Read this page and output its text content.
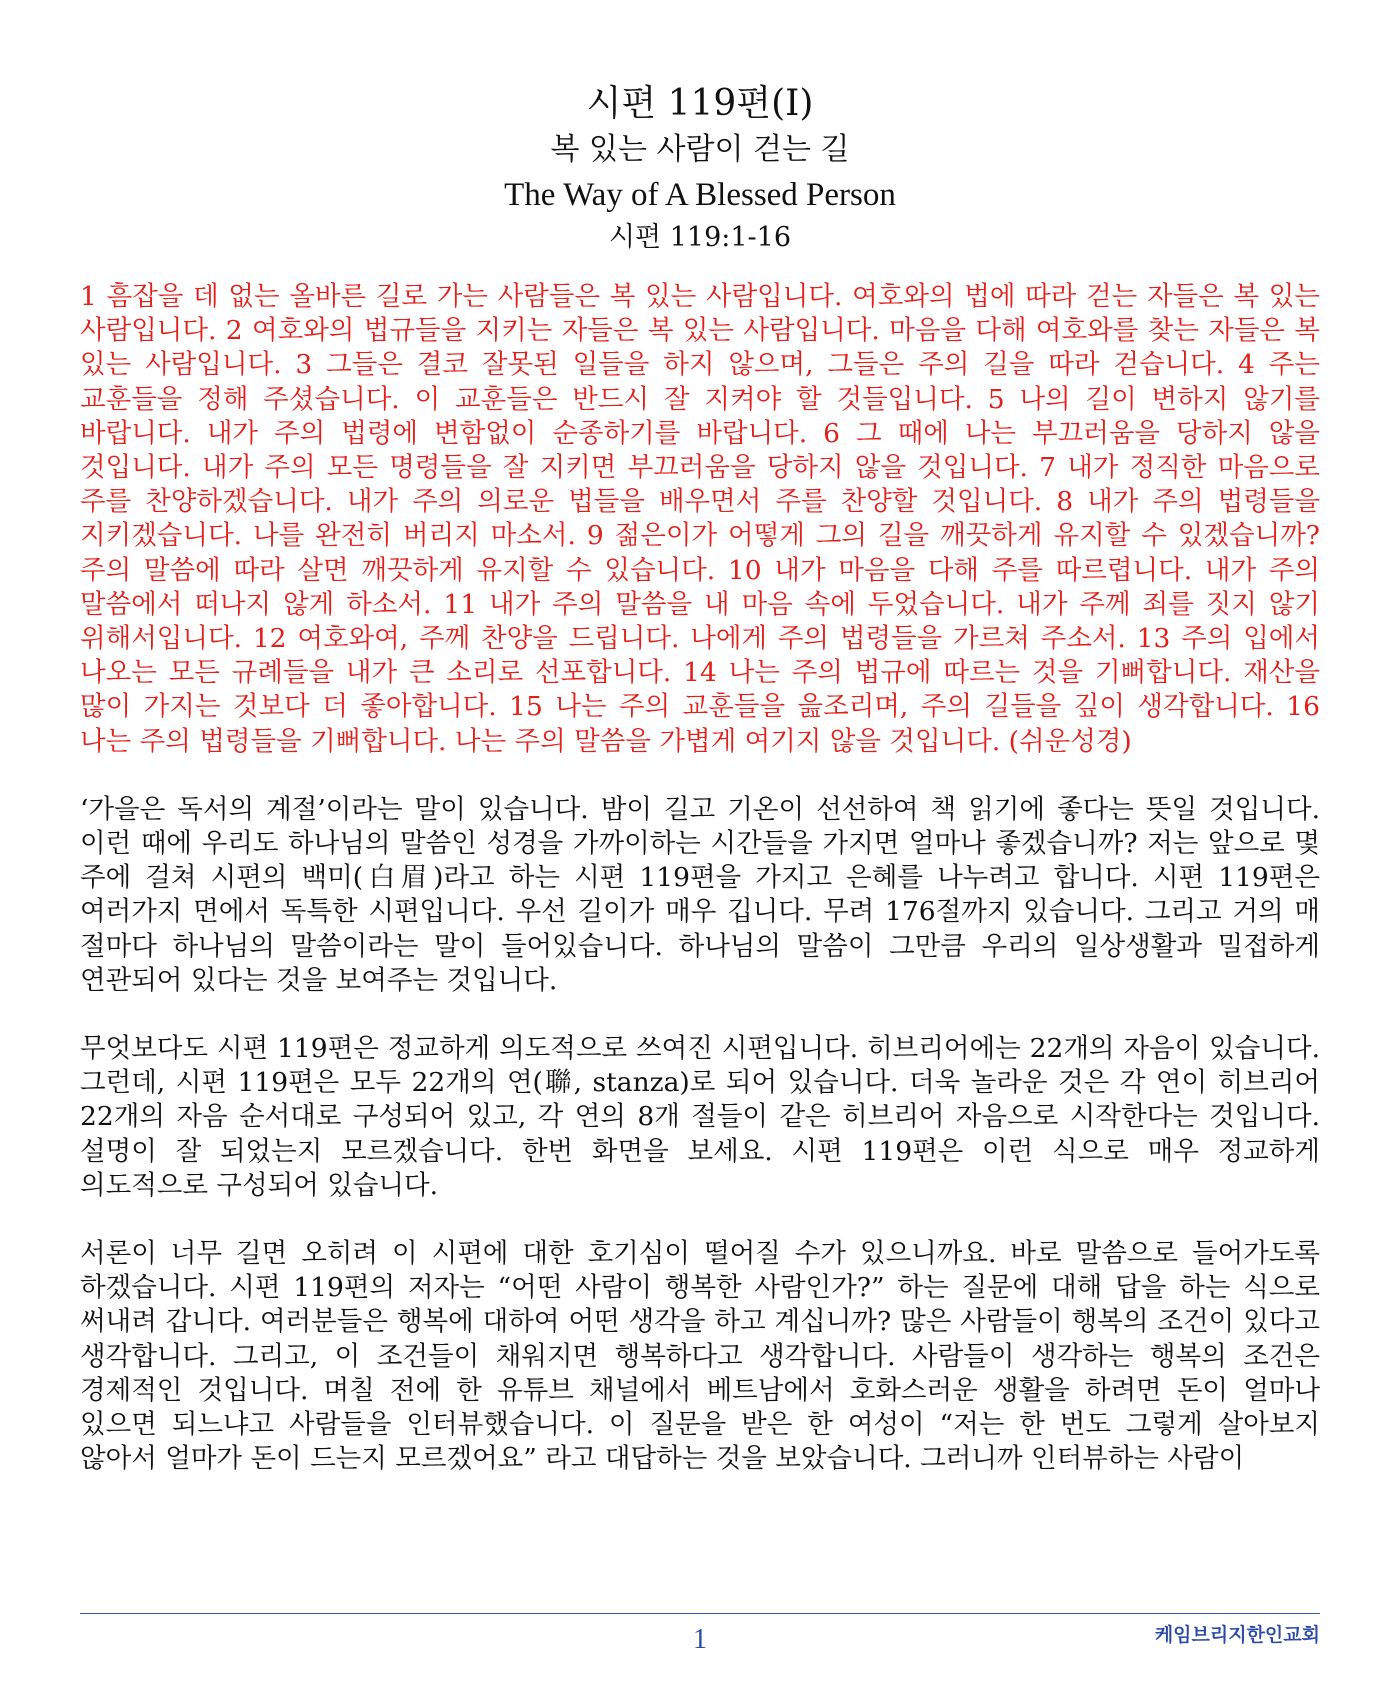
시편 119편(I)
복 있는 사람이 걷는 길
The Way of A Blessed Person
시편 119:1-16

1 흠잡을 데 없는 올바른 길로 가는 사람들은 복 있는 사람입니다. 여호와의 법에 따라 걷는 자들은 복 있는 사람입니다. 2 여호와의 법규들을 지키는 자들은 복 있는 사람입니다. 마음을 다해 여호와를 찾는 자들은 복 있는 사람입니다. 3 그들은 결코 잘못된 일들을 하지 않으며, 그들은 주의 길을 따라 걷습니다. 4 주는 교훈들을 정해 주셨습니다. 이 교훈들은 반드시 잘 지켜야 할 것들입니다. 5 나의 길이 변하지 않기를 바랍니다. 내가 주의 법령에 변함없이 순종하기를 바랍니다. 6 그 때에 나는 부끄러움을 당하지 않을 것입니다. 내가 주의 모든 명령들을 잘 지키면 부끄러움을 당하지 않을 것입니다. 7 내가 정직한 마음으로 주를 찬양하겠습니다. 내가 주의 의로운 법들을 배우면서 주를 찬양할 것입니다. 8 내가 주의 법령들을 지키겠습니다. 나를 완전히 버리지 마소서. 9 젊은이가 어떻게 그의 길을 깨끗하게 유지할 수 있겠습니까? 주의 말씀에 따라 살면 깨끗하게 유지할 수 있습니다. 10 내가 마음을 다해 주를 따르렵니다. 내가 주의 말씀에서 떠나지 않게 하소서. 11 내가 주의 말씀을 내 마음 속에 두었습니다. 내가 주께 죄를 짓지 않기 위해서입니다. 12 여호와여, 주께 찬양을 드립니다. 나에게 주의 법령들을 가르쳐 주소서. 13 주의 입에서 나오는 모든 규례들을 내가 큰 소리로 선포합니다. 14 나는 주의 법규에 따르는 것을 기뻐합니다. 재산을 많이 가지는 것보다 더 좋아합니다. 15 나는 주의 교훈들을 읊조리며, 주의 길들을 깊이 생각합니다. 16 나는 주의 법령들을 기뻐합니다. 나는 주의 말씀을 가볍게 여기지 않을 것입니다. (쉬운성경)

‘가을은 독서의 계절’이라는 말이 있습니다. 밤이 길고 기온이 선선하여 책 읽기에 좋다는 뜻일 것입니다. 이런 때에 우리도 하나님의 말씀인 성경을 가까이하는 시간들을 가지면 얼마나 좋겠습니까? 저는 앞으로 몇 주에 걸쳐 시편의 백미(白眉)라고 하는 시편 119편을 가지고 은혜를 나누려고 합니다. 시편 119편은 여러가지 면에서 독특한 시편입니다. 우선 길이가 매우 깁니다. 무려 176절까지 있습니다. 그리고 거의 매 절마다 하나님의 말씀이라는 말이 들어있습니다. 하나님의 말씀이 그만큼 우리의 일상생활과 밀접하게 연관되어 있다는 것을 보여주는 것입니다.

무엇보다도 시편 119편은 정교하게 의도적으로 쓰여진 시편입니다. 히브리어에는 22개의 자음이 있습니다. 그런데, 시편 119편은 모두 22개의 연(聯, stanza)로 되어 있습니다. 더욱 놀라운 것은 각 연이 히브리어 22개의 자음 순서대로 구성되어 있고, 각 연의 8개 절들이 같은 히브리어 자음으로 시작한다는 것입니다. 설명이 잘 되었는지 모르겠습니다. 한번 화면을 보세요. 시편 119편은 이런 식으로 매우 정교하게 의도적으로 구성되어 있습니다.

서론이 너무 길면 오히려 이 시편에 대한 호기심이 떨어질 수가 있으니까요. 바로 말씀으로 들어가도록 하겠습니다. 시편 119편의 저자는 “어떤 사람이 행복한 사람인가?” 하는 질문에 대해 답을 하는 식으로 써내려 갑니다. 여러분들은 행복에 대하여 어떤 생각을 하고 계십니까? 많은 사람들이 행복의 조건이 있다고 생각합니다. 그리고, 이 조건들이 채워지면 행복하다고 생각합니다. 사람들이 생각하는 행복의 조건은 경제적인 것입니다. 며칠 전에 한 유튜브 채널에서 베트남에서 호화스러운 생활을 하려면 돈이 얼마나 있으면 되느냐고 사람들을 인터뷰했습니다. 이 질문을 받은 한 여성이 “저는 한 번도 그렇게 살아보지 않아서 얼마가 돈이 드는지 모르겠어요” 라고 대답하는 것을 보았습니다. 그러니까 인터뷰하는 사람이

1	케임브리지한인교회
